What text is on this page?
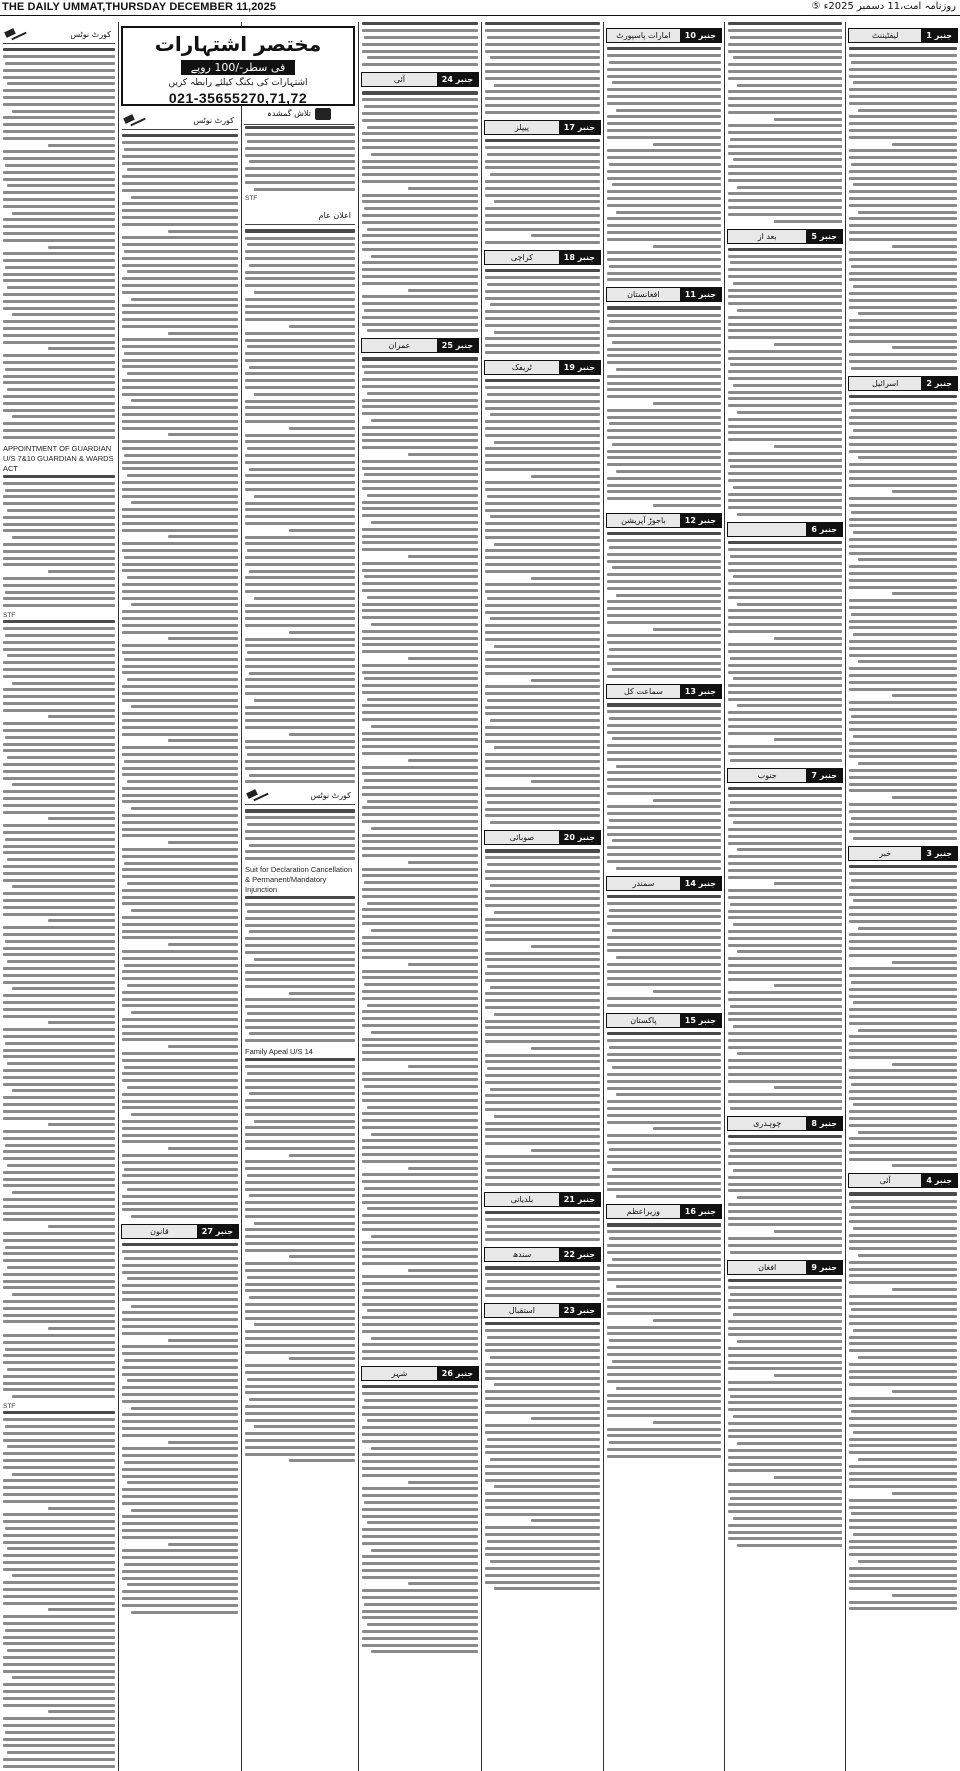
THE DAILY UMMAT,THURSDAY DECEMBER 11,2025	روزنامہ امت،11 دسمبر 2025ء ⑤
مختصر اشتہارات
فی سطر-/100 روپے
اشتہارات کی بکنگ کیلئے رابطہ کریں
021-35655270,71,72
تلاش گمشدہ
جنبر 1
لیفٹیننٹ
جنبر 2
اسرائیل
جنبر 3
خبر
جنبر 4
آئی
جنبر 5
بعد از
جنبر 6
جنبر 7
جنوب
جنبر 8
چوہدری
جنبر 9
افغان
جنبر 10
امارات پاسپورٹ
جنبر 11
افغانستان
جنبر 12
باجوڑ آپریشن
جنبر 13
سماعت کل
جنبر 14
سمندر
جنبر 15
پاکستان
جنبر 16
وزیراعظم
جنبر 17
پیپلز
جنبر 18
کراچی
جنبر 19
ٹریفک
جنبر 20
صوبائی
جنبر 21
بلدیاتی
جنبر 22
سندھ
جنبر 23
استقبال
جنبر 24
آئی
جنبر 25
عمران
جنبر 26
شہر
STF
اعلان عام
کورٹ نوٹس
Suit for Declaration Cancellation & Permanent/Mandatory Injunction
Family Apeal U/S 14
کورٹ نوٹس
APPOINTMENT OF GUARDIAN U/S 7&10 GUARDIAN & WARDS ACT
STF
STF
کورٹ نوٹس
جنبر 27
قانون
